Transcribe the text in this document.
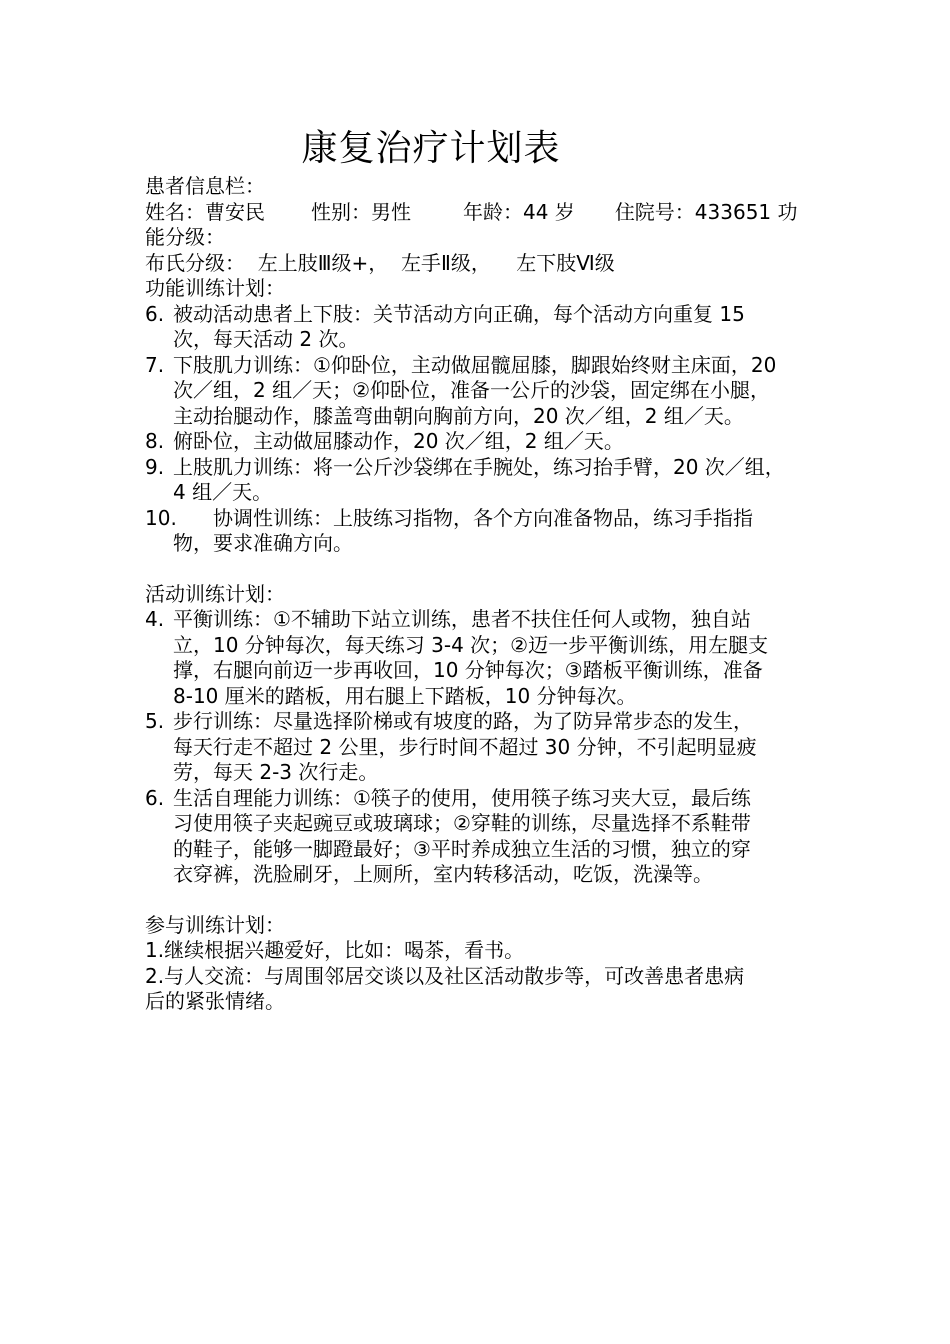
康复治疗计划表
患者信息栏：
姓名：曹安民 性别：男性	年龄：44 岁 住院号：433651 功
能分级：
布氏分级： 左上肢Ⅲ级+， 左手Ⅱ级， 左下肢Ⅵ级
功能训练计划：
6. 被动活动患者上下肢：关节活动方向正确，每个活动方向重复 15
次，每天活动 2 次。
7. 下肢肌力训练：①仰卧位，主动做屈髋屈膝，脚跟始终财主床面，20
次／组，2 组／天；②仰卧位，准备一公斤的沙袋，固定绑在小腿，
主动抬腿动作，膝盖弯曲朝向胸前方向，20 次／组，2 组／天。
8. 俯卧位，主动做屈膝动作，20 次／组，2 组／天。
9. 上肢肌力训练：将一公斤沙袋绑在手腕处，练习抬手臂，20 次／组，
4 组／天。
10.	协调性训练：上肢练习指物，各个方向准备物品，练习手指指
物，要求准确方向。
活动训练计划：
4. 平衡训练：①不辅助下站立训练，患者不扶住任何人或物，独自站
立，10 分钟每次，每天练习 3-4 次；②迈一步平衡训练，用左腿支
撑，右腿向前迈一步再收回，10 分钟每次；③踏板平衡训练，准备
8-10 厘米的踏板，用右腿上下踏板，10 分钟每次。
5. 步行训练：尽量选择阶梯或有坡度的路，为了防异常步态的发生，
每天行走不超过 2 公里，步行时间不超过 30 分钟，不引起明显疲
劳，每天 2-3 次行走。
6. 生活自理能力训练：①筷子的使用，使用筷子练习夹大豆，最后练
习使用筷子夹起豌豆或玻璃球；②穿鞋的训练，尽量选择不系鞋带
的鞋子，能够一脚蹬最好；③平时养成独立生活的习惯，独立的穿
衣穿裤，洗脸刷牙，上厕所，室内转移活动，吃饭，洗澡等。
参与训练计划：
1.继续根据兴趣爱好，比如：喝茶，看书。
2.与人交流：与周围邻居交谈以及社区活动散步等，可改善患者患病
后的紧张情绪。
